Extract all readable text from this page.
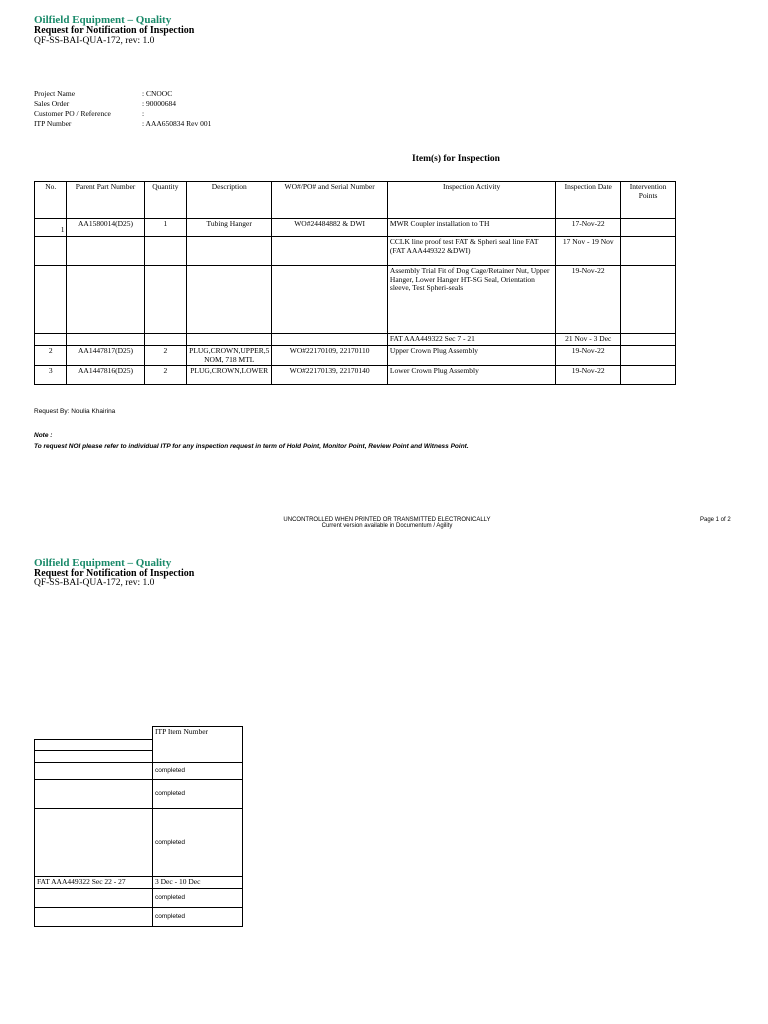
Oilfield Equipment – Quality
Request for Notification of Inspection
QF-SS-BAI-QUA-172, rev: 1.0
Project Name	: CNOOC
Sales Order	: 90000684
Customer PO / Reference	:
ITP Number	: AAA650834 Rev 001
Item(s) for Inspection
No.	Parent Part Number	Quantity	Description	WO#/PO# and Serial Number	Inspection Activity	Inspection Date	Intervention Points
1	AA1580014(D25)	1	Tubing Hanger	WO#24484882 & DWI	MWR Coupler installation to TH	17-Nov-22	
					CCLK line proof test FAT & Spheri seal line FAT (FAT AAA449322 &DWI)	17 Nov - 19 Nov	
					Assembly Trial Fit of Dog Cage/Retainer Nut, Upper Hanger, Lower Hanger HT-SG Seal, Orientation sleeve, Test Spheri-seals	19-Nov-22	
					FAT AAA449322 Sec 7 - 21	21 Nov - 3 Dec	
2	AA1447817(D25)	2	PLUG,CROWN,UPPER,5 NOM, 718 MTL	WO#22170109, 22170110	Upper Crown Plug Assembly	19-Nov-22	
3	AA1447816(D25)	2	PLUG,CROWN,LOWER	WO#22170139, 22170140	Lower Crown Plug Assembly	19-Nov-22	
Request By: Noulia Khairina
Note :
To request NOI please refer to individual ITP for any inspection request in term of Hold Point, Monitor Point, Review Point and Witness Point.
UNCONTROLLED WHEN PRINTED OR TRANSMITTED ELECTRONICALLY
Current version available in Documentum / Agility
Page 1 of 2
Oilfield Equipment – Quality
Request for Notification of Inspection
QF-SS-BAI-QUA-172, rev: 1.0
	ITP Item Number

	completed
	completed
	completed
FAT AAA449322 Sec 22 - 27	3 Dec - 10 Dec
	completed
	completed
